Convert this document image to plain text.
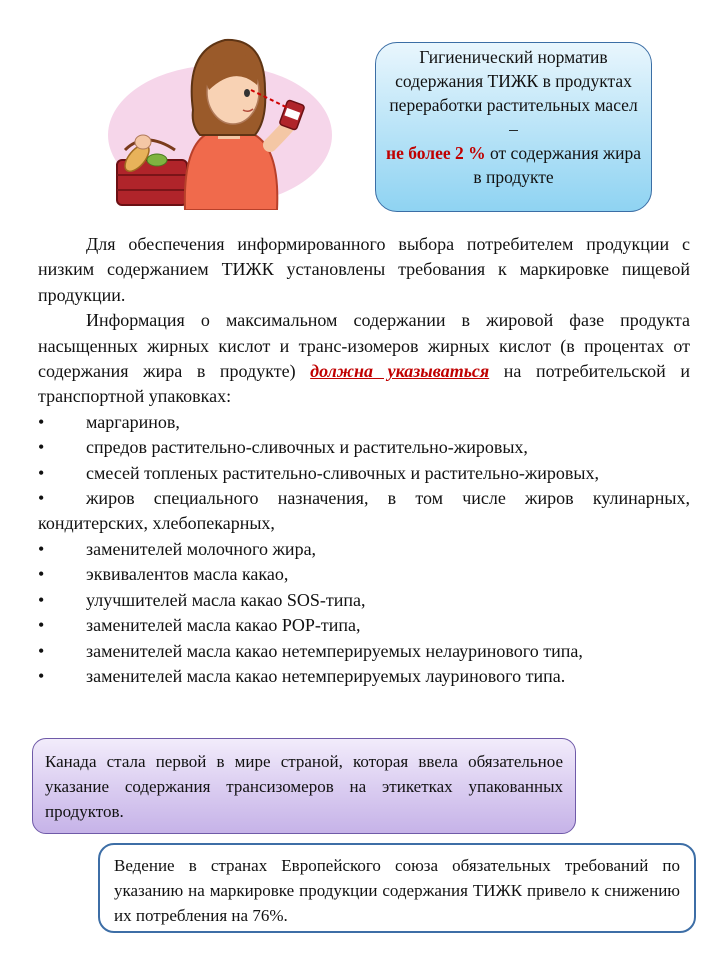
Гигиенический норматив содержания ТИЖК в продуктах переработки растительных масел –
не более 2 % от содержания жира в продукте

Для обеспечения информированного выбора потребителем продукции с низким содержанием ТИЖК установлены требования к маркировке пищевой продукции.

Информация о максимальном содержании в жировой фазе продукта насыщенных жирных кислот и транс-изомеров жирных кислот (в процентах от содержания жира в продукте) должна указываться на потребительской и транспортной упаковках:

• маргаринов,
• спредов растительно-сливочных и растительно-жировых,
• смесей топленых растительно-сливочных и растительно-жировых,
• жиров специального назначения, в том числе жиров кулинарных, кондитерских, хлебопекарных,
• заменителей молочного жира,
• эквивалентов масла какао,
• улучшителей масла какао SOS-типа,
• заменителей масла какао POP-типа,
• заменителей масла какао нетемперируемых нелауринового типа,
• заменителей масла какао нетемперируемых лауринового типа.
Канада стала первой в мире страной, которая ввела обязательное указание содержания трансизомеров на этикетках упакованных продуктов.
Ведение в странах Европейского союза обязательных требований по указанию на маркировке продукции содержания ТИЖК привело к снижению их потребления на 76%.
